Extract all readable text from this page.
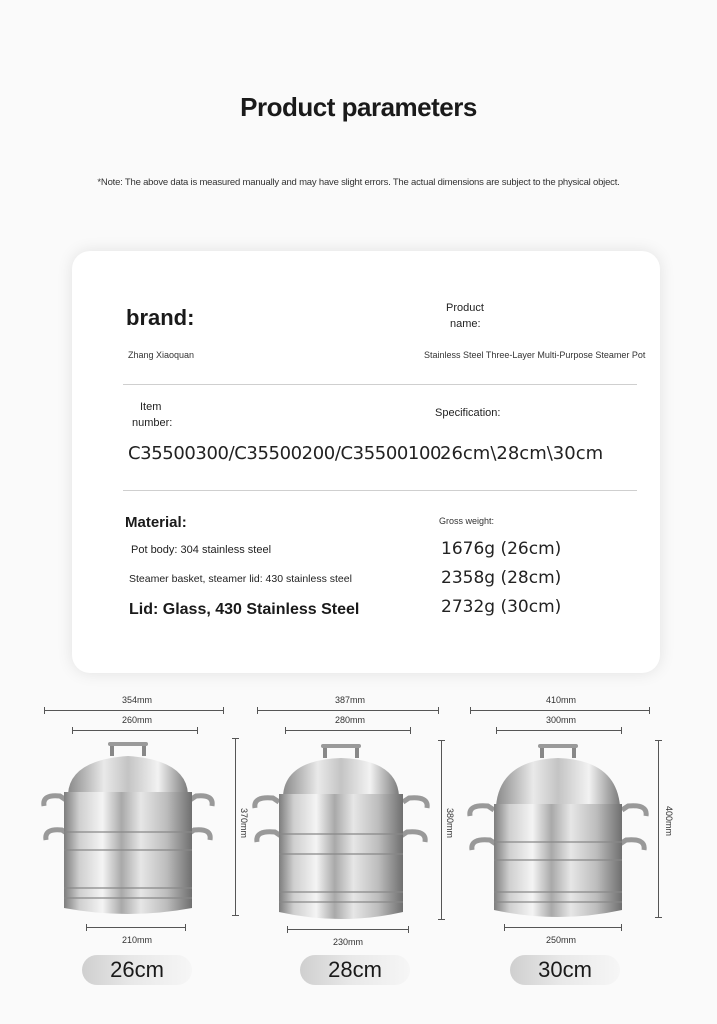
Product parameters
*Note: The above data is measured manually and may have slight errors. The actual dimensions are subject to the physical object.
brand:
Zhang Xiaoquan
Product
name:
Stainless Steel Three-Layer Multi-Purpose Steamer Pot
Item
number:
Specification:
C35500300/C35500200/C35500100
26cm\28cm\30cm
Material:
Pot body: 304 stainless steel
Steamer basket, steamer lid: 430 stainless steel
Lid: Glass, 430 Stainless Steel
Gross weight:
1676g (26cm)
2358g (28cm)
2732g (30cm)
354mm
260mm
370mm
210mm
26cm
387mm
280mm
380mm
230mm
28cm
410mm
300mm
400mm
250mm
30cm
